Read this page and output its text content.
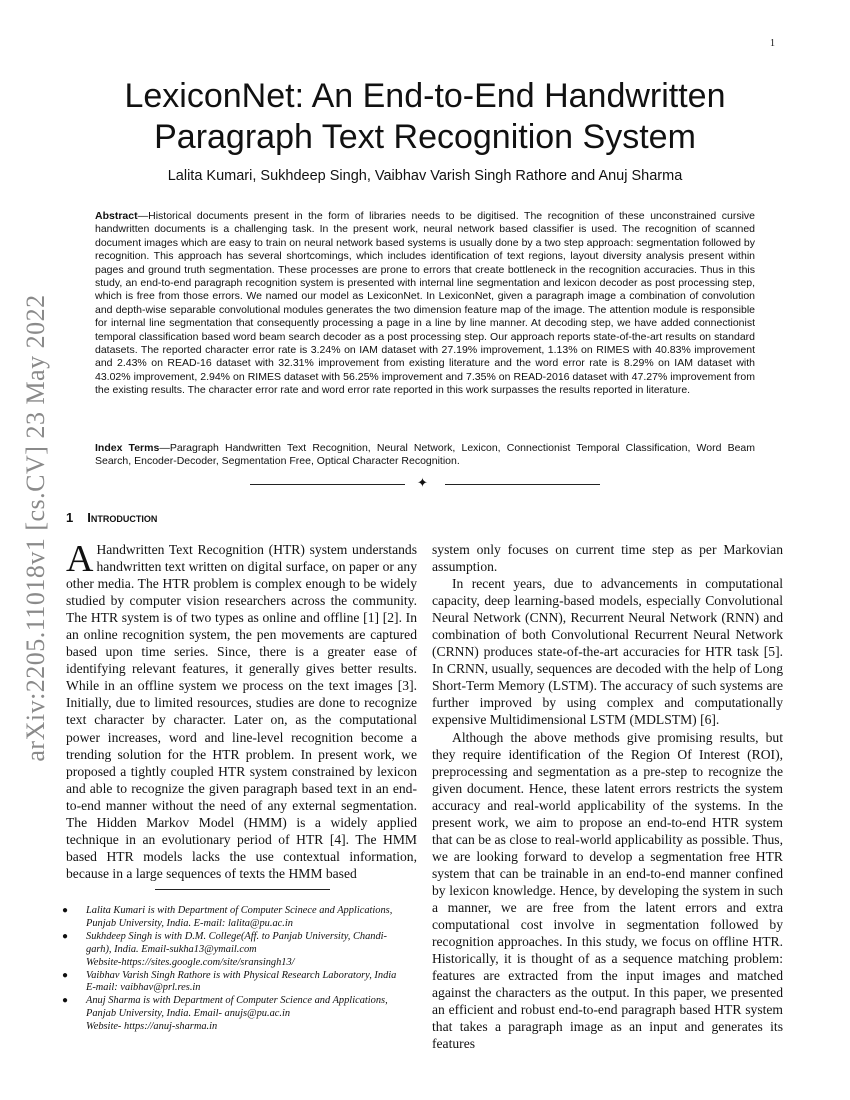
1
arXiv:2205.11018v1 [cs.CV] 23 May 2022
LexiconNet: An End-to-End Handwritten
Paragraph Text Recognition System
Lalita Kumari, Sukhdeep Singh, Vaibhav Varish Singh Rathore and Anuj Sharma

Abstract—Historical documents present in the form of libraries needs to be digitised. The recognition of these unconstrained cursive handwritten documents is a challenging task. In the present work, neural network based classifier is used. The recognition of scanned document images which are easy to train on neural network based systems is usually done by a two step approach: segmentation followed by recognition. This approach has several shortcomings, which includes identification of text regions, layout diversity analysis present within pages and ground truth segmentation. These processes are prone to errors that create bottleneck in the recognition accuracies. Thus in this study, an end-to-end paragraph recognition system is presented with internal line segmentation and lexicon decoder as post processing step, which is free from those errors. We named our model as LexiconNet. In LexiconNet, given a paragraph image a combination of convolution and depth-wise separable convolutional modules generates the two dimension feature map of the image. The attention module is responsible for internal line segmentation that consequently processing a page in a line by line manner. At decoding step, we have added connectionist temporal classification based word beam search decoder as a post processing step. Our approach reports state-of-the-art results on standard datasets. The reported character error rate is 3.24% on IAM dataset with 27.19% improvement, 1.13% on RIMES with 40.83% improvement and 2.43% on READ-16 dataset with 32.31% improvement from existing literature and the word error rate is 8.29% on IAM dataset with 43.02% improvement, 2.94% on RIMES dataset with 56.25% improvement and 7.35% on READ-2016 dataset with 47.27% improvement from the existing results. The character error rate and word error rate reported in this work surpasses the results reported in literature.

Index Terms—Paragraph Handwritten Text Recognition, Neural Network, Lexicon, Connectionist Temporal Classification, Word Beam Search, Encoder-Decoder, Segmentation Free, Optical Character Recognition.

✦
1 Introduction

A Handwritten Text Recognition (HTR) system understands handwritten text written on digital surface, on paper or any other media. The HTR problem is complex enough to be widely studied by computer vision researchers across the community. The HTR system is of two types as online and offline [1] [2]. In an online recognition system, the pen movements are captured based upon time series. Since, there is a greater ease of identifying relevant features, it generally gives better results. While in an offline system we process on the text images [3]. Initially, due to limited resources, studies are done to recognize text character by character. Later on, as the computational power increases, word and line-level recognition become a trending solution for the HTR problem. In present work, we proposed a tightly coupled HTR system constrained by lexicon and able to recognize the given paragraph based text in an end-to-end manner without the need of any external segmentation. The Hidden Markov Model (HMM) is a widely applied technique in an evolutionary period of HTR [4]. The HMM based HTR models lacks the use contextual information, because in a large sequences of texts the HMM based

● Lalita Kumari is with Department of Computer Scinece and Applications,
Punjab University, India. E-mail: lalita@pu.ac.in
● Sukhdeep Singh is with D.M. College(Aff. to Panjab University, Chandi-
garh), India. Email-sukha13@ymail.com
Website-https://sites.google.com/site/sransingh13/
● Vaibhav Varish Singh Rathore is with Physical Research Laboratory, India
E-mail: vaibhav@prl.res.in
● Anuj Sharma is with Department of Computer Science and Applications,
Panjab University, India. Email- anujs@pu.ac.in
Website- https://anuj-sharma.in

system only focuses on current time step as per Markovian assumption.

In recent years, due to advancements in computational capacity, deep learning-based models, especially Convolutional Neural Network (CNN), Recurrent Neural Network (RNN) and combination of both Convolutional Recurrent Neural Network (CRNN) produces state-of-the-art accuracies for HTR task [5]. In CRNN, usually, sequences are decoded with the help of Long Short-Term Memory (LSTM). The accuracy of such systems are further improved by using complex and computationally expensive Multidimensional LSTM (MDLSTM) [6].

Although the above methods give promising results, but they require identification of the Region Of Interest (ROI), preprocessing and segmentation as a pre-step to recognize the given document. Hence, these latent errors restricts the system accuracy and real-world applicability of the systems. In the present work, we aim to propose an end-to-end HTR system that can be as close to real-world applicability as possible. Thus, we are looking forward to develop a segmentation free HTR system that can be trainable in an end-to-end manner confined by lexicon knowledge. Hence, by developing the system in such a manner, we are free from the latent errors and extra computational cost involve in segmentation followed by recognition approaches. In this study, we focus on offline HTR. Historically, it is thought of as a sequence matching problem: features are extracted from the input images and matched against the characters as the output. In this paper, we presented an efficient and robust end-to-end paragraph based HTR system that takes a paragraph image as an input and generates its features
